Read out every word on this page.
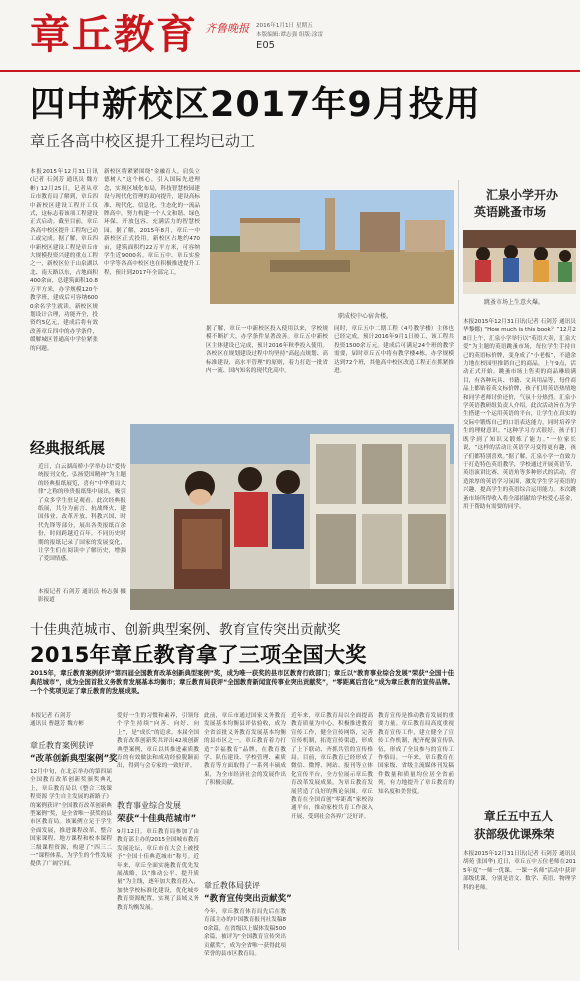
章丘教育 齐鲁晚报 2016年1月1日 星期五
本版编辑:谭志强 组版:涂雷
E05
四中新校区2017年9月投用
章丘各高中校区提升工程均已动工
本报2015年12月31日讯(记者 石剑芳 通讯员 魏方彬) 12月25日，记者从章丘市教育局了解到，章丘四中新校区建设工程开工仪式，这标志着该项工程建设正式启动。截至目前，章丘各高中校区提升工程均已动工或完成。据了解，章丘四中新校区建设工程是章丘市大规模投资兴建的重点工程之一，新校区位于山泉湖以北、南天路以东，占地面积400余亩，总建筑面积10.8万平方米，办学规模120个教学班，建成后可容纳6000余名学生就读。新校区规划设计合理，功能齐全，投资约5亿元，建成后将有效改善章丘四中的办学条件，缓解城区普通高中学位紧张的问题。
新校区将紧紧围绕“金融育人，肩负立德树人”这个核心，引入国际先进理念，实现区域化布局，科技智慧校园建设与现代化管理的双向提升，建设高标准、现代化、信息化、生态化的一流品牌高中，努力构建一个人文和谐、绿色环保、开放包容、充满活力的智慧校园。据了解，2015年8月，章丘一中新校区正式投用。新校区占地约470亩，建筑面积约22万平方米，可容纳学生近9000名。章丘五中、章丘实验中学等各高中校区也在积极推进提升工程，预计到2017年全部完工。
职成校中心宿舍楼。
据了解，章丘一中新校区投入使用以来，学校规模不断扩大，办学条件显著改善。章丘五中新校区主体建设已完成，预计2016年秋季投入使用。各校区在规划建设过程中均坚持“高起点规划、高标准建设、高水平管理”的原则，着力打造一批省内一流、国内知名的现代化高中。
同时，章丘五中二期工程（4号教学楼）主体也已经完成，预计2016年9月1日竣工，该工程共投资1500余万元。建成后可满足24个班的教学需要，届时章丘五中将有教学楼4栋，办学规模达到72个班，其他高中校区改造工程正在抓紧推进。
汇泉小学开办
英语跳蚤市场
跳蚤市场上生意火爆。
本报2015年12月31日讯(记者 石剑芳 通讯员 华黎娜) “How much is this book？”12月28日上午，汇泉小学举行以“英语大卖，汇泉大爱”为主题的英语跳蚤市场，每位学生手持自己的英语标价牌，变身成了“小老板”，不遗余力地在校园里推销自己的商品。上午9点，活动正式开始。跳蚤市场上售卖的商品琳琅满目，有各种玩具、书籍、文具用品等，每件商品上都贴着英文标价牌，孩子们用英语热情地和同学老师讨价还价，气氛十分热烈。汇泉小学英语教研组负责人介绍，此次活动旨在为学生搭建一个运用英语的平台，让学生在真实的交际中锻炼自己的口语表达能力，同时培养学生的理财意识。“这种学习方式很好，孩子们既学到了知识又锻炼了能力。”一位家长说，“这样的活动让英语学习变得更有趣，孩子们都特别喜欢。”据了解，汇泉小学一直致力于打造特色英语教学，学校通过开展英语节、英语演讲比赛、英语角等多种形式的活动，营造浓厚的英语学习氛围，激发学生学习英语的兴趣，提高学生的英语综合运用能力。本次跳蚤市场所得收入将全部捐献给学校爱心基金，用于帮助有需要的同学。
经典报纸展
近日，白云湖高桥小学举办以“爱传统报刊文化，弘扬爱国精神”为主题的经典报纸展览，喜有“中华重局大律”之称的珍贵报纸集中展出，吸引了众多学生驻足观看。此次经典报纸展，共分为前言、抗战烽火、建国伟业、改革开放、科教兴国、时代先锋等部分，展出各类报纸百余份，时间跨越近百年。不同历史时期的报纸记录了国家的发展变化，让学生们在阅读中了解历史，增强了爱国情感。
本报记者 石剑芳 通讯员 杨志强 摄影报道
十佳典范城市、创新典型案例、教育宣传突出贡献奖
2015年章丘教育拿了三项全国大奖
2015年，章丘教育案例获评“第四届全国教育改革创新典型案例”奖，成为唯一获奖的县市区教育行政部门；章丘以“教育事业综合发展”荣获“全国十佳典范城市”，成为全国首批义务教育发展基本均衡市；章丘教育局获评“全国教育新闻宣传事业突出贡献奖”，“零距离后宫化”成为章丘教育的宣传品牌。一个个奖项见证了章丘教育的发展成果。
本报记者 石剑芳
通讯员 曹越芳 魏方彬
章丘教育案例获评
“改革创新典型案例”奖
12月中旬，在北京举办的第四届全国教育改革创新奖颁奖典礼上，章丘教育局以《整合三级课程资源 学生自主发展的新路子》的案例获评“全国教育改革创新典型案例”奖，是全省唯一获奖的县市区教育局。该案例立足于学生全面发展，推进课程改革，整合国家课程、地方课程和校本课程三级课程资源，构建了“四三二一”课程体系，为学生的个性发展提供了广阔空间。
爱好一生的习惯和素养，引领每个学生持续“向善、向好、向上”，是“成长”的追求。本届全国教育改革创新奖共评出42项创新典型案例，章丘以其推进素质教育的有效做法和成功经验脱颖而出，得到与会专家的一致好评。
教育事业综合发展
荣获“十佳典范城市”
9月12日，章丘教育局参加了由教育部主办的2015全国城市教育发展论坛，章丘市在大会上被授予“全国十佳典范城市”称号。近年来，章丘全面实施教育优先发展战略，以“推动公平、提升质量”为主线，逐年加大教育投入，加快学校标准化建设，优化城乡教育资源配置，实现了县域义务教育均衡发展。
此前，章丘市通过国家义务教育发展基本均衡县评估验收，成为全省首批义务教育发展基本均衡的县市区之一。章丘教育着力打造“幸福教育”品牌，在教育教学、队伍建设、学校管理、素质教育等方面取得了一系列丰硕成果，为全市经济社会的发展作出了积极贡献。
章丘教体局获评
“教育宣传突出贡献奖”
今年，章丘教育体育局先后在教育部主办的中国教育报刊社发稿80余篇，在省级以上媒体发稿500余篇，被评为“全国教育宣传突出贡献奖”，成为全省唯一获得此项荣誉的县市区教育局。
近年来，章丘教育局以全面提高教育质量为中心，积极推进教育宣传工作，健全宣传网络，完善宣传机制，拓宽宣传渠道，形成了上下联动、齐抓共管的宣传格局。目前，章丘教育已经形成了微信、微博、网站、报刊等立体化宣传平台，全方位展示章丘教育改革发展成果，为章丘教育发展营造了良好的舆论氛围。章丘教育在全国首创“零距离”家校沟通平台，推动家校共育工作深入开展，受到社会各界广泛好评。
教育宣传是推动教育发展的重要力量。章丘教育局高度重视教育宣传工作，建立健全了宣传工作机制，配齐配强宣传队伍，形成了全员参与的宣传工作格局。一年来，章丘教育在国家级、省级主流媒体刊发稿件数量和质量均位居全省前列，有力地提升了章丘教育的知名度和美誉度。
章丘五中五人
获部级优课殊荣
本报2015年12月31日讯(记者 石剑芳 通讯员 胡苑 张国华) 近日，章丘五中五位老师在2015年度“一师一优课、一课一名师”活动中获评部级优课，分别是语文、数学、英语、物理学科的老师。
